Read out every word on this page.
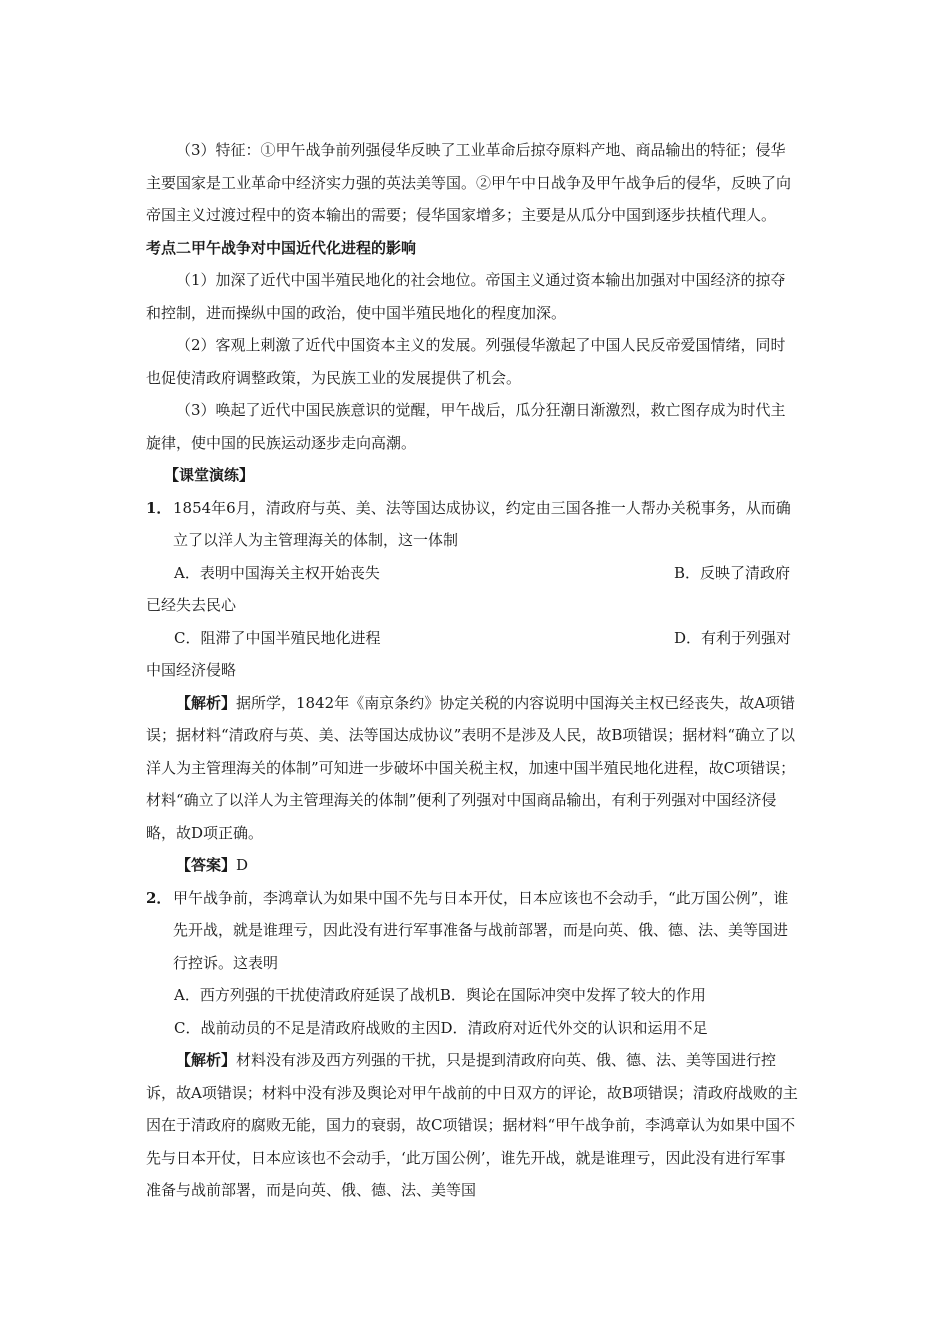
（3）特征：①甲午战争前列强侵华反映了工业革命后掠夺原料产地、商品输出的特征；侵华主要国家是工业革命中经济实力强的英法美等国。②甲午中日战争及甲午战争后的侵华，反映了向帝国主义过渡过程中的资本输出的需要；侵华国家增多；主要是从瓜分中国到逐步扶植代理人。

考点二甲午战争对中国近代化进程的影响

（1）加深了近代中国半殖民地化的社会地位。帝国主义通过资本输出加强对中国经济的掠夺和控制，进而操纵中国的政治，使中国半殖民地化的程度加深。

（2）客观上刺激了近代中国资本主义的发展。列强侵华激起了中国人民反帝爱国情绪，同时也促使清政府调整政策，为民族工业的发展提供了机会。

（3）唤起了近代中国民族意识的觉醒，甲午战后，瓜分狂潮日渐激烈，救亡图存成为时代主旋律，使中国的民族运动逐步走向高潮。

【课堂演练】

1． 1854年6月，清政府与英、美、法等国达成协议，约定由三国各推一人帮办关税事务，从而确立了以洋人为主管理海关的体制，这一体制

A．表明中国海关主权开始丧失	B．反映了清政府

已经失去民心

C．阻滞了中国半殖民地化进程	D．有利于列强对

中国经济侵略

【解析】据所学，1842年《南京条约》协定关税的内容说明中国海关主权已经丧失，故A项错误；据材料“清政府与英、美、法等国达成协议”表明不是涉及人民，故B项错误；据材料“确立了以洋人为主管理海关的体制”可知进一步破坏中国关税主权，加速中国半殖民地化进程，故C项错误；材料“确立了以洋人为主管理海关的体制”便利了列强对中国商品输出，有利于列强对中国经济侵略，故D项正确。

【答案】D

2． 甲午战争前，李鸿章认为如果中国不先与日本开仗，日本应该也不会动手，“此万国公例”，谁先开战，就是谁理亏，因此没有进行军事准备与战前部署，而是向英、俄、德、法、美等国进行控诉。这表明

A．西方列强的干扰使清政府延误了战机B．舆论在国际冲突中发挥了较大的作用

C．战前动员的不足是清政府战败的主因D．清政府对近代外交的认识和运用不足

【解析】材料没有涉及西方列强的干扰，只是提到清政府向英、俄、德、法、美等国进行控诉，故A项错误；材料中没有涉及舆论对甲午战前的中日双方的评论，故B项错误；清政府战败的主因在于清政府的腐败无能，国力的衰弱，故C项错误；据材料“甲午战争前，李鸿章认为如果中国不先与日本开仗，日本应该也不会动手，‘此万国公例’，谁先开战，就是谁理亏，因此没有进行军事准备与战前部署，而是向英、俄、德、法、美等国
